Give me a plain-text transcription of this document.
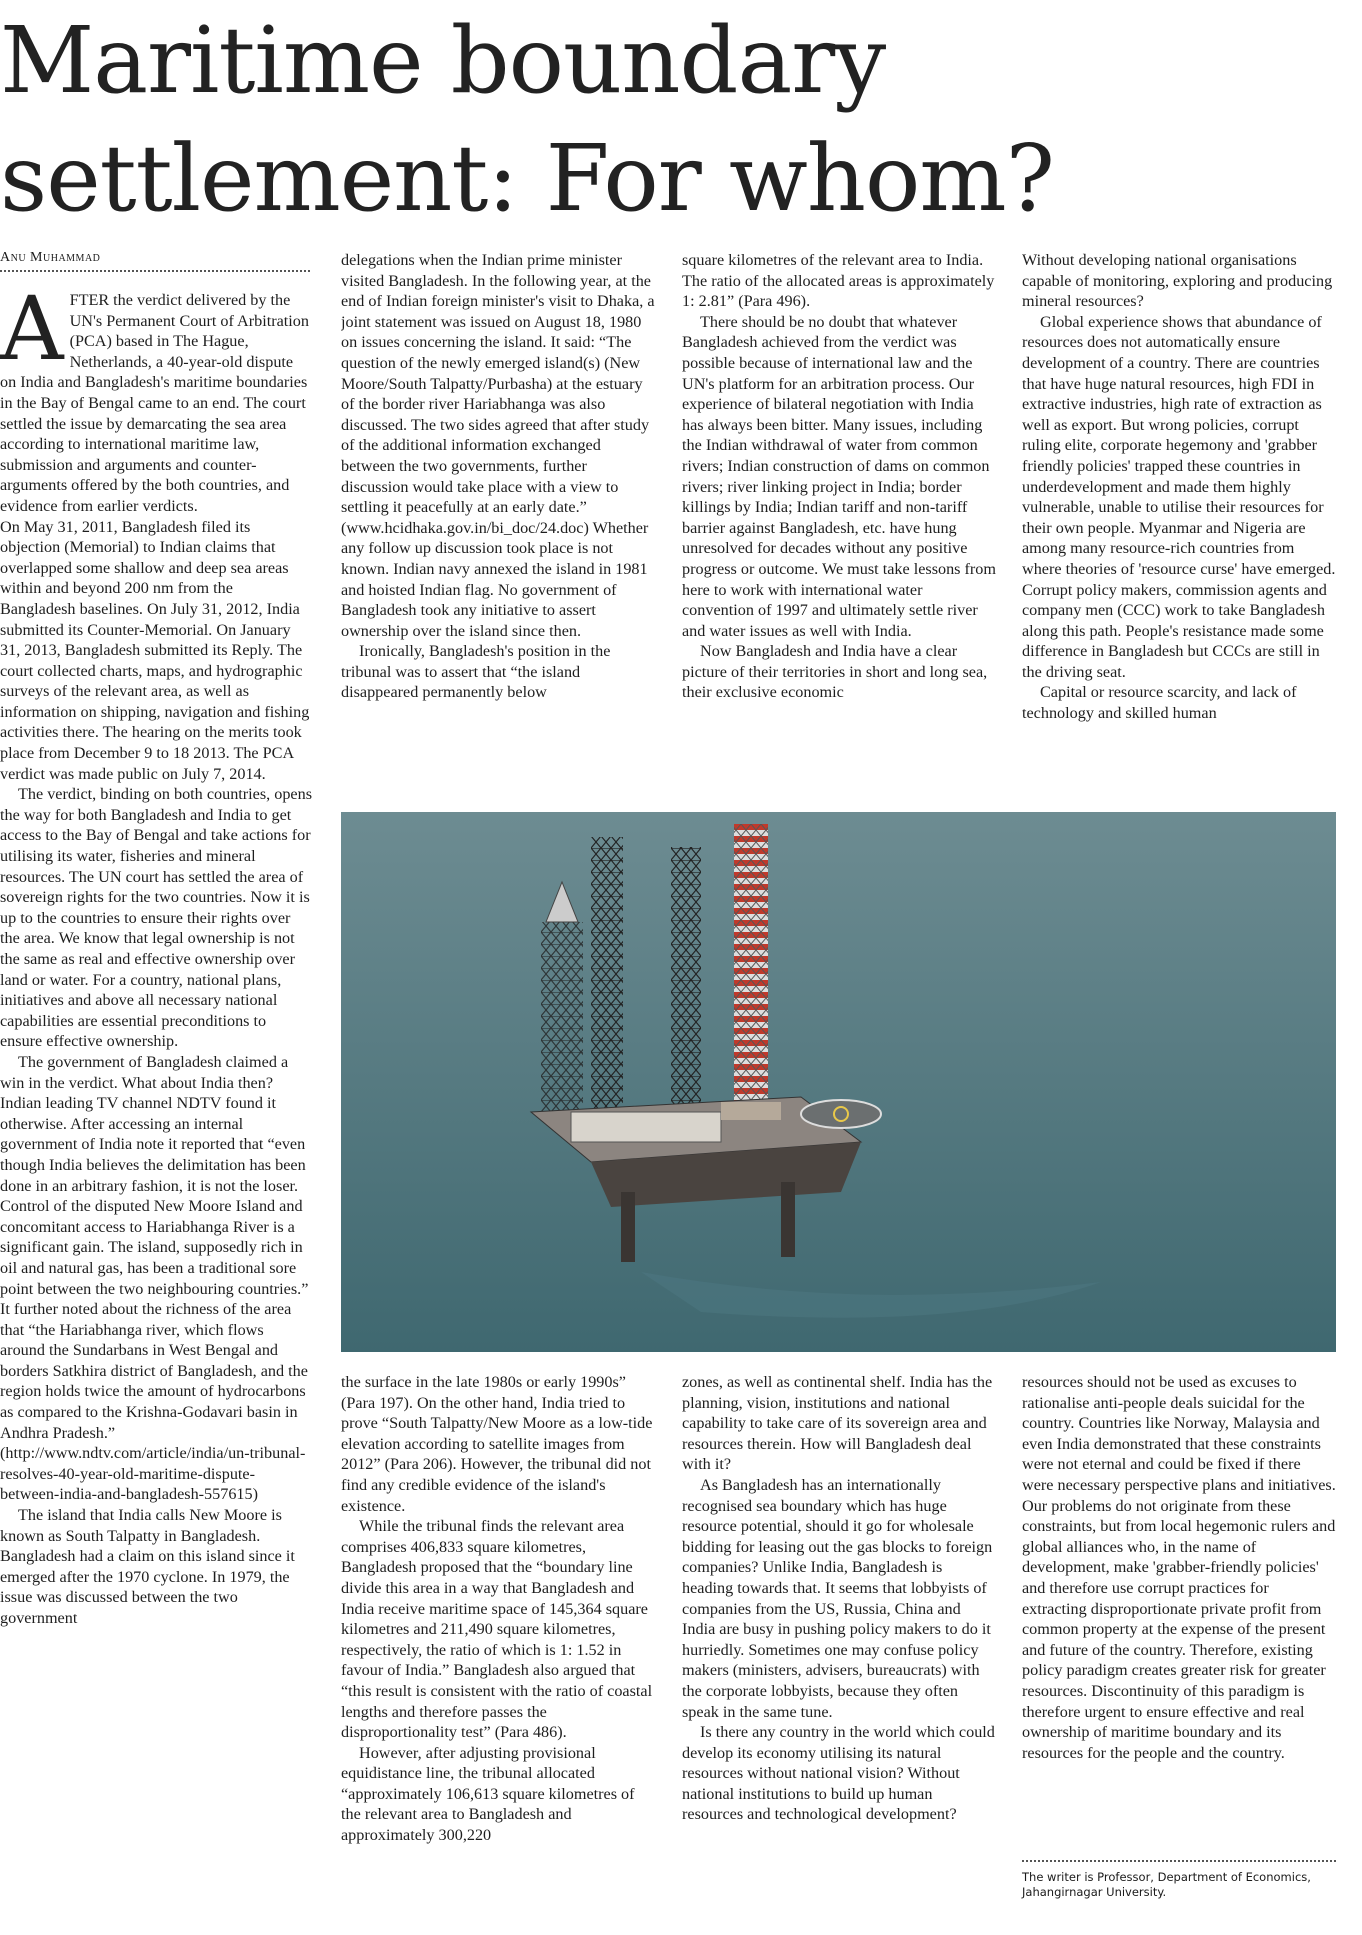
Maritime boundary settlement: For whom?
Anu Muhammad

AFTER the verdict delivered by the UN's Permanent Court of Arbitration (PCA) based in The Hague, Netherlands, a 40-year-old dispute on India and Bangladesh's maritime boundaries in the Bay of Bengal came to an end. The court settled the issue by demarcating the sea area according to international maritime law, submission and arguments and counter-arguments offered by the both countries, and evidence from earlier verdicts.

On May 31, 2011, Bangladesh filed its objection (Memorial) to Indian claims that overlapped some shallow and deep sea areas within and beyond 200 nm from the Bangladesh baselines. On July 31, 2012, India submitted its Counter-Memorial. On January 31, 2013, Bangladesh submitted its Reply. The court collected charts, maps, and hydrographic surveys of the relevant area, as well as information on shipping, navigation and fishing activities there. The hearing on the merits took place from December 9 to 18 2013. The PCA verdict was made public on July 7, 2014.

The verdict, binding on both countries, opens the way for both Bangladesh and India to get access to the Bay of Bengal and take actions for utilising its water, fisheries and mineral resources. The UN court has settled the area of sovereign rights for the two countries. Now it is up to the countries to ensure their rights over the area. We know that legal ownership is not the same as real and effective ownership over land or water. For a country, national plans, initiatives and above all necessary national capabilities are essential preconditions to ensure effective ownership.

The government of Bangladesh claimed a win in the verdict. What about India then? Indian leading TV channel NDTV found it otherwise. After accessing an internal government of India note it reported that “even though India believes the delimitation has been done in an arbitrary fashion, it is not the loser. Control of the disputed New Moore Island and concomitant access to Hariabhanga River is a significant gain. The island, supposedly rich in oil and natural gas, has been a traditional sore point between the two neighbouring countries.” It further noted about the richness of the area that “the Hariabhanga river, which flows around the Sundarbans in West Bengal and borders Satkhira district of Bangladesh, and the region holds twice the amount of hydrocarbons as compared to the Krishna-Godavari basin in Andhra Pradesh.” (http://www.ndtv.com/article/india/un-tribunal-resolves-40-year-old-maritime-dispute-between-india-and-bangladesh-557615)

The island that India calls New Moore is known as South Talpatty in Bangladesh. Bangladesh had a claim on this island since it emerged after the 1970 cyclone. In 1979, the issue was discussed between the two government

delegations when the Indian prime minister visited Bangladesh. In the following year, at the end of Indian foreign minister's visit to Dhaka, a joint statement was issued on August 18, 1980 on issues concerning the island. It said: “The question of the newly emerged island(s) (New Moore/South Talpatty/Purbasha) at the estuary of the border river Hariabhanga was also discussed. The two sides agreed that after study of the additional information exchanged between the two governments, further discussion would take place with a view to settling it peacefully at an early date.” (www.hcidhaka.gov.in/bi_doc/24.doc) Whether any follow up discussion took place is not known. Indian navy annexed the island in 1981 and hoisted Indian flag. No government of Bangladesh took any initiative to assert ownership over the island since then.

Ironically, Bangladesh's position in the tribunal was to assert that “the island disappeared permanently below

square kilometres of the relevant area to India. The ratio of the allocated areas is approximately 1: 2.81” (Para 496).

There should be no doubt that whatever Bangladesh achieved from the verdict was possible because of international law and the UN's platform for an arbitration process. Our experience of bilateral negotiation with India has always been bitter. Many issues, including the Indian withdrawal of water from common rivers; Indian construction of dams on common rivers; river linking project in India; border killings by India; Indian tariff and non-tariff barrier against Bangladesh, etc. have hung unresolved for decades without any positive progress or outcome. We must take lessons from here to work with international water convention of 1997 and ultimately settle river and water issues as well with India.

Now Bangladesh and India have a clear picture of their territories in short and long sea, their exclusive economic

Without developing national organisations capable of monitoring, exploring and producing mineral resources?

Global experience shows that abundance of resources does not automatically ensure development of a country. There are countries that have huge natural resources, high FDI in extractive industries, high rate of extraction as well as export. But wrong policies, corrupt ruling elite, corporate hegemony and 'grabber friendly policies' trapped these countries in underdevelopment and made them highly vulnerable, unable to utilise their resources for their own people. Myanmar and Nigeria are among many resource-rich countries from where theories of 'resource curse' have emerged. Corrupt policy makers, commission agents and company men (CCC) work to take Bangladesh along this path. People's resistance made some difference in Bangladesh but CCCs are still in the driving seat.

Capital or resource scarcity, and lack of technology and skilled human

the surface in the late 1980s or early 1990s” (Para 197). On the other hand, India tried to prove “South Talpatty/New Moore as a low-tide elevation according to satellite images from 2012” (Para 206). However, the tribunal did not find any credible evidence of the island's existence.

While the tribunal finds the relevant area comprises 406,833 square kilometres, Bangladesh proposed that the “boundary line divide this area in a way that Bangladesh and India receive maritime space of 145,364 square kilometres and 211,490 square kilometres, respectively, the ratio of which is 1: 1.52 in favour of India.” Bangladesh also argued that “this result is consistent with the ratio of coastal lengths and therefore passes the disproportionality test” (Para 486).

However, after adjusting provisional equidistance line, the tribunal allocated “approximately 106,613 square kilometres of the relevant area to Bangladesh and approximately 300,220

zones, as well as continental shelf. India has the planning, vision, institutions and national capability to take care of its sovereign area and resources therein. How will Bangladesh deal with it?

As Bangladesh has an internationally recognised sea boundary which has huge resource potential, should it go for wholesale bidding for leasing out the gas blocks to foreign companies? Unlike India, Bangladesh is heading towards that. It seems that lobbyists of companies from the US, Russia, China and India are busy in pushing policy makers to do it hurriedly. Sometimes one may confuse policy makers (ministers, advisers, bureaucrats) with the corporate lobbyists, because they often speak in the same tune.

Is there any country in the world which could develop its economy utilising its natural resources without national vision? Without national institutions to build up human resources and technological development?

resources should not be used as excuses to rationalise anti-people deals suicidal for the country. Countries like Norway, Malaysia and even India demonstrated that these constraints were not eternal and could be fixed if there were necessary perspective plans and initiatives. Our problems do not originate from these constraints, but from local hegemonic rulers and global alliances who, in the name of development, make 'grabber-friendly policies' and therefore use corrupt practices for extracting disproportionate private profit from common property at the expense of the present and future of the country. Therefore, existing policy paradigm creates greater risk for greater resources. Discontinuity of this paradigm is therefore urgent to ensure effective and real ownership of maritime boundary and its resources for the people and the country.

The writer is Professor, Department of Economics, Jahangirnagar University.
